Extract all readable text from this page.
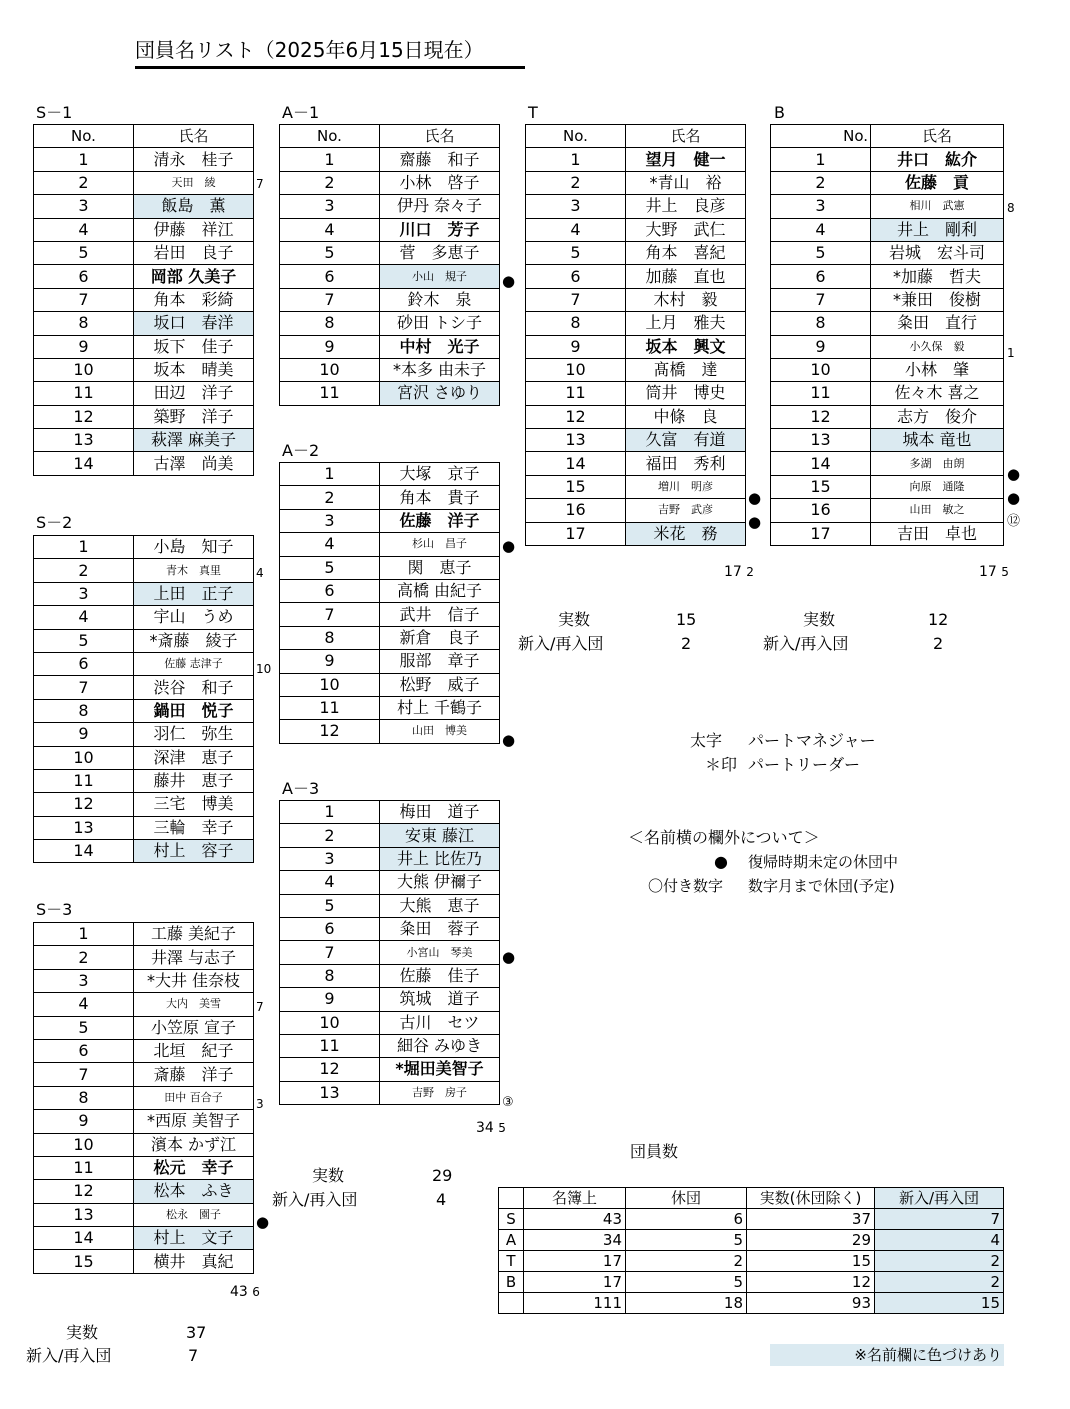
団員名リスト（2025年6月15日現在）
S－1
S－2
S－3
A－1
A－2
A－3
T	B
No.	氏名
1	清永　桂子
2	天田　綾
3	飯島　薫
4	伊藤　祥江
5	岩田　良子
6	岡部 久美子
7	角本　彩綺
8	坂口　春洋
9	坂下　佳子
10	坂本　晴美
11	田辺　洋子
12	築野　洋子
13	萩澤 麻美子
14	古澤　尚美
7
1	小島　知子
2	青木　真里
3	上田　正子
4	宇山　うめ
5	*斎藤　綾子
6	佐藤 志津子
7	渋谷　和子
8	鍋田　悦子
9	羽仁　弥生
10	深津　恵子
11	藤井　恵子
12	三宅　博美
13	三輪　幸子
14	村上　容子
4
10
1	工藤 美紀子
2	井澤 与志子
3	*大井 佳奈枝
4	大内　美雪
5	小笠原 宣子
6	北垣　紀子
7	斎藤　洋子
8	田中 百合子
9	*西原 美智子
10	濱本 かず江
11	松元　幸子
12	松本　ふき
13	松永　園子
14	村上　文子
15	横井　真紀
7
3
●
43 6
実数	37
新入/再入団	7
No.	氏名
1	齋藤　和子
2	小林　啓子
3	伊丹 奈々子
4	川口　芳子
5	菅　多恵子
6	小山　規子
7	鈴木　泉
8	砂田 トシ子
9	中村　光子
10	*本多 由未子
11	宮沢 さゆり
●
1	大塚　京子
2	角本　貴子
3	佐藤　洋子
4	杉山　昌子
5	関　恵子
6	高橋 由紀子
7	武井　信子
8	新倉　良子
9	服部　章子
10	松野　威子
11	村上 千鶴子
12	山田　博美
●
●
1	梅田　道子
2	安東 藤江
3	井上 比佐乃
4	大熊 伊禰子
5	大熊　恵子
6	粂田　蓉子
7	小宮山　琴美
8	佐藤　佳子
9	筑城　道子
10	古川　セツ
11	細谷 みゆき
12	*堀田美智子
13	吉野　房子
●
③
34 5
実数	29
新入/再入団	4
No.	氏名
1	望月　健一
2	*青山　裕
3	井上　良彦
4	大野　武仁
5	角本　喜紀
6	加藤　直也
7	木村　毅
8	上月　雅夫
9	坂本　興文
10	髙橋　達
11	筒井　博史
12	中條　良
13	久富　有道
14	福田　秀利
15	増川　明彦
16	吉野　武彦
17	米花　務
●
●
17 2
実数	15
新入/再入団	2
No.	氏名
1	井口　紘介
2	佐藤　貢
3	相川　武憲
4	井上　剛利
5	岩城　宏斗司
6	*加藤　哲夫
7	*兼田　俊樹
8	粂田　直行
9	小久保　毅
10	小林　肇
11	佐々木 喜之
12	志方　俊介
13	城本 竜也
14	多湖　由朗
15	向原　通隆
16	山田　敏之
17	吉田　卓也
8
1
●
●
⑫
17 5
実数	12
新入/再入団	2
太字 パートマネジャー
＊印 パートリーダー
＜名前横の欄外について＞
● 復帰時期未定の休団中
〇付き数字 数字月まで休団(予定)
団員数
	名簿上	休団	実数(休団除く)	新入/再入団
S	43	6	37	7
A	34	5	29	4
T	17	2	15	2
B	17	5	12	2
	111	18	93	15
※名前欄に色づけあり
